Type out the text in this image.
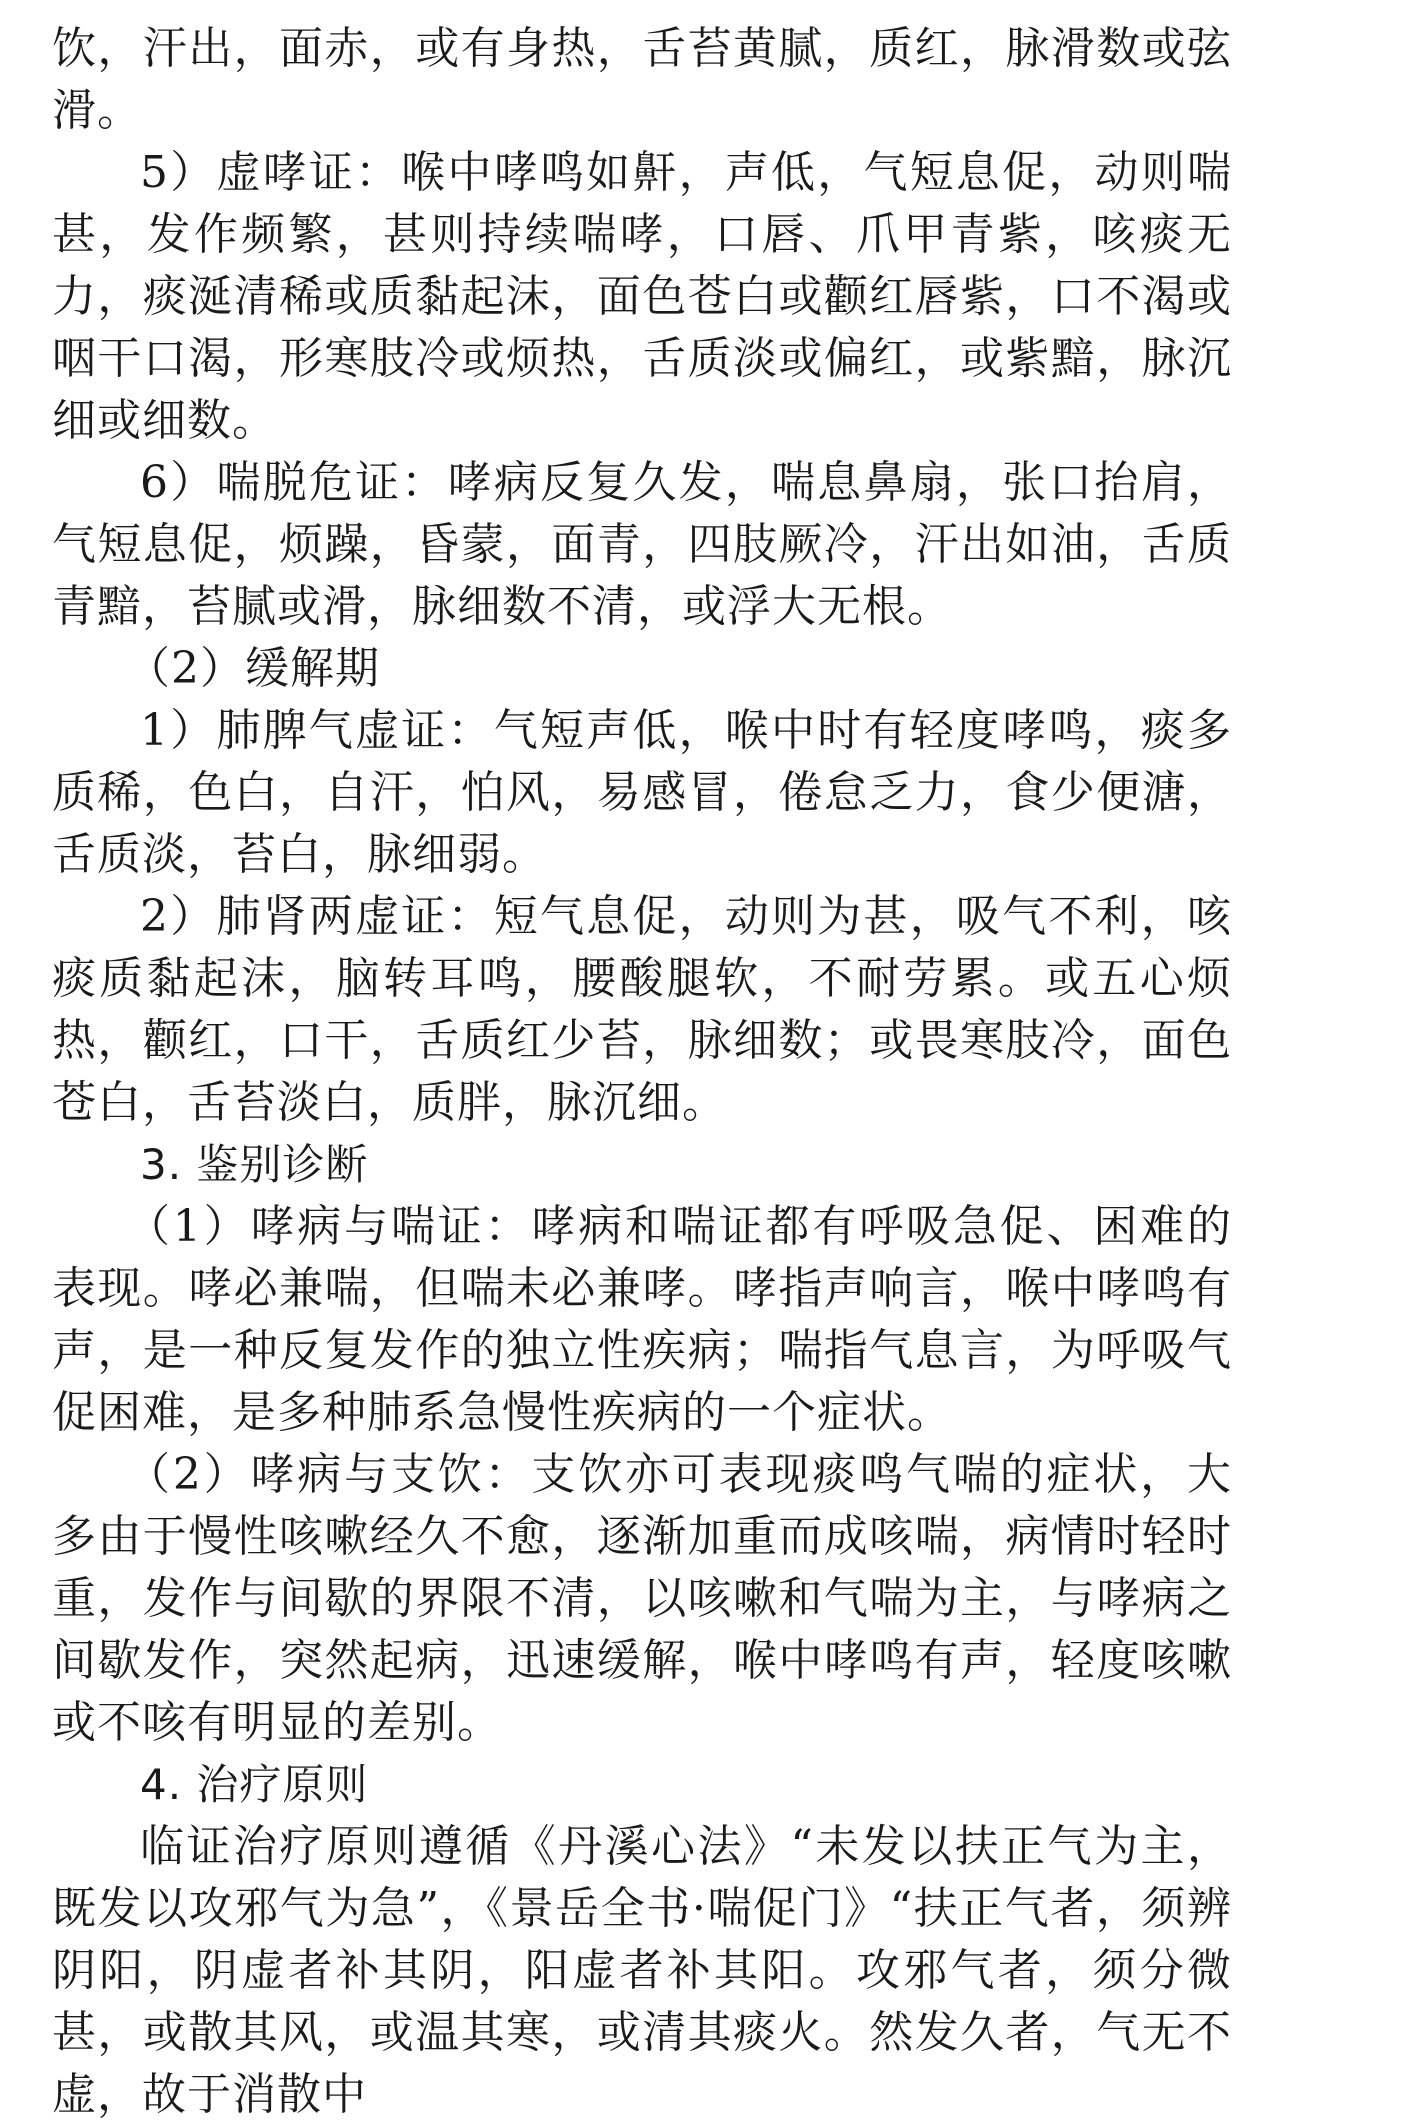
饮，汗出，面赤，或有身热，舌苔黄腻，质红，脉滑数或弦滑。

5）虚哮证：喉中哮鸣如鼾，声低，气短息促，动则喘甚，发作频繁，甚则持续喘哮，口唇、爪甲青紫，咳痰无力，痰涎清稀或质黏起沫，面色苍白或颧红唇紫，口不渴或咽干口渴，形寒肢冷或烦热，舌质淡或偏红，或紫黯，脉沉细或细数。

6）喘脱危证：哮病反复久发，喘息鼻扇，张口抬肩，气短息促，烦躁，昏蒙，面青，四肢厥冷，汗出如油，舌质青黯，苔腻或滑，脉细数不清，或浮大无根。

（2）缓解期

1）肺脾气虚证：气短声低，喉中时有轻度哮鸣，痰多质稀，色白，自汗，怕风，易感冒，倦怠乏力，食少便溏，舌质淡，苔白，脉细弱。

2）肺肾两虚证：短气息促，动则为甚，吸气不利，咳痰质黏起沫，脑转耳鸣，腰酸腿软，不耐劳累。或五心烦热，颧红，口干，舌质红少苔，脉细数；或畏寒肢冷，面色苍白，舌苔淡白，质胖，脉沉细。

3. 鉴别诊断

（1）哮病与喘证：哮病和喘证都有呼吸急促、困难的表现。哮必兼喘，但喘未必兼哮。哮指声响言，喉中哮鸣有声，是一种反复发作的独立性疾病；喘指气息言，为呼吸气促困难，是多种肺系急慢性疾病的一个症状。

（2）哮病与支饮：支饮亦可表现痰鸣气喘的症状，大多由于慢性咳嗽经久不愈，逐渐加重而成咳喘，病情时轻时重，发作与间歇的界限不清，以咳嗽和气喘为主，与哮病之间歇发作，突然起病，迅速缓解，喉中哮鸣有声，轻度咳嗽或不咳有明显的差别。

4. 治疗原则

临证治疗原则遵循《丹溪心法》“未发以扶正气为主，既发以攻邪气为急”，《景岳全书·喘促门》“扶正气者，须辨阴阳，阴虚者补其阴，阳虚者补其阳。攻邪气者，须分微甚，或散其风，或温其寒，或清其痰火。然发久者，气无不虚，故于消散中
